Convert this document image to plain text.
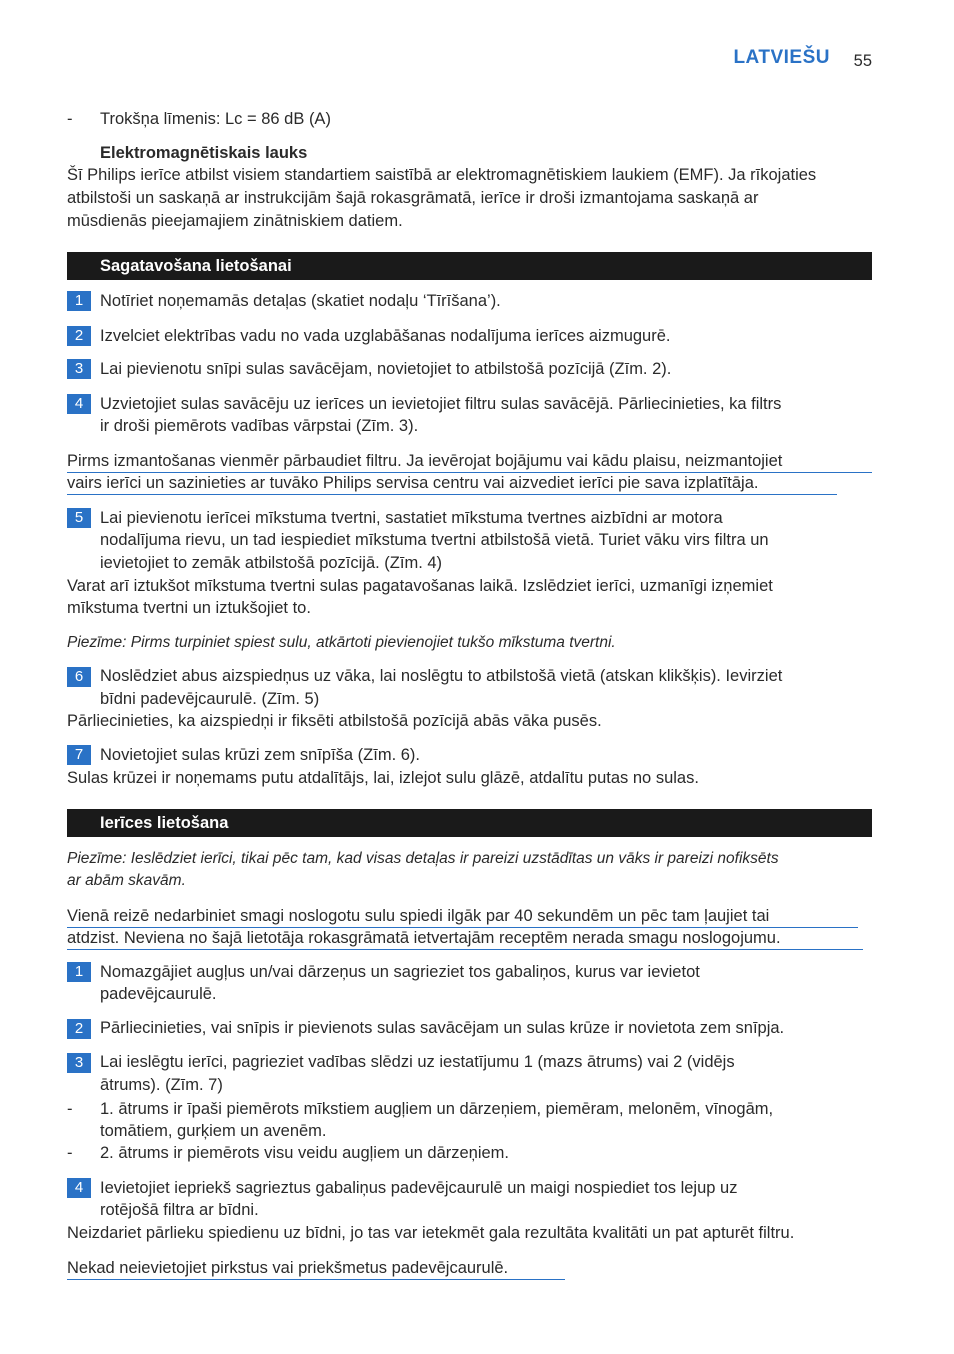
LATVIEŠU 55
- Trokšņa līmenis: Lc = 86 dB (A)
Elektromagnētiskais lauks
Šī Philips ierīce atbilst visiem standartiem saistībā ar elektromagnētiskiem laukiem (EMF). Ja rīkojaties
atbilstoši un saskaņā ar instrukcijām šajā rokasgrāmatā, ierīce ir droši izmantojama saskaņā ar
mūsdienās pieejamajiem zinātniskiem datiem.
Sagatavošana lietošanai
1	Notīriet noņemamās detaļas (skatiet nodaļu ‘Tīrīšana’).
2	Izvelciet elektrības vadu no vada uzglabāšanas nodalījuma ierīces aizmugurē.
3	Lai pievienotu snīpi sulas savācējam, novietojiet to atbilstošā pozīcijā (Zīm. 2).
4	Uzvietojiet sulas savācēju uz ierīces un ievietojiet filtru sulas savācējā. Pārliecinieties, ka filtrs
ir droši piemērots vadības vārpstai (Zīm. 3).
Pirms izmantošanas vienmēr pārbaudiet filtru. Ja ievērojat bojājumu vai kādu plaisu, neizmantojiet
vairs ierīci un sazinieties ar tuvāko Philips servisa centru vai aizvediet ierīci pie sava izplatītāja.
5	Lai pievienotu ierīcei mīkstuma tvertni, sastatiet mīkstuma tvertnes aizbīdni ar motora
nodalījuma rievu, un tad iespiediet mīkstuma tvertni atbilstošā vietā. Turiet vāku virs filtra un
ievietojiet to zemāk atbilstošā pozīcijā. (Zīm. 4)
Varat arī iztukšot mīkstuma tvertni sulas pagatavošanas laikā. Izslēdziet ierīci, uzmanīgi izņemiet
mīkstuma tvertni un iztukšojiet to.
Piezīme: Pirms turpiniet spiest sulu, atkārtoti pievienojiet tukšo mīkstuma tvertni.
6	Noslēdziet abus aizspiedņus uz vāka, lai noslēgtu to atbilstošā vietā (atskan klikšķis). Ievirziet
bīdni padevējcaurulē. (Zīm. 5)
Pārliecinieties, ka aizspiedņi ir fiksēti atbilstošā pozīcijā abās vāka pusēs.
7	Novietojiet sulas krūzi zem snīpīša (Zīm. 6).
Sulas krūzei ir noņemams putu atdalītājs, lai, izlejot sulu glāzē, atdalītu putas no sulas.
Ierīces lietošana
Piezīme: Ieslēdziet ierīci, tikai pēc tam, kad visas detaļas ir pareizi uzstādītas un vāks ir pareizi nofiksēts
ar abām skavām.
Vienā reizē nedarbiniet smagi noslogotu sulu spiedi ilgāk par 40 sekundēm un pēc tam ļaujiet tai
atdzist. Neviena no šajā lietotāja rokasgrāmatā ietvertajām receptēm nerada smagu noslogojumu.
1	Nomazgājiet augļus un/vai dārzeņus un sagrieziet tos gabaliņos, kurus var ievietot
padevējcaurulē.
2	Pārliecinieties, vai snīpis ir pievienots sulas savācējam un sulas krūze ir novietota zem snīpja.
3	Lai ieslēgtu ierīci, pagrieziet vadības slēdzi uz iestatījumu 1 (mazs ātrums) vai 2 (vidējs
ātrums). (Zīm. 7)
- 1. ātrums ir īpaši piemērots mīkstiem augļiem un dārzeņiem, piemēram, melonēm, vīnogām,
tomātiem, gurķiem un avenēm.
- 2. ātrums ir piemērots visu veidu augļiem un dārzeņiem.
4	Ievietojiet iepriekš sagrieztus gabaliņus padevējcaurulē un maigi nospiediet tos lejup uz
rotējošā filtra ar bīdni.
Neizdariet pārlieku spiedienu uz bīdni, jo tas var ietekmēt gala rezultāta kvalitāti un pat apturēt filtru.
Nekad neievietojiet pirkstus vai priekšmetus padevējcaurulē.
